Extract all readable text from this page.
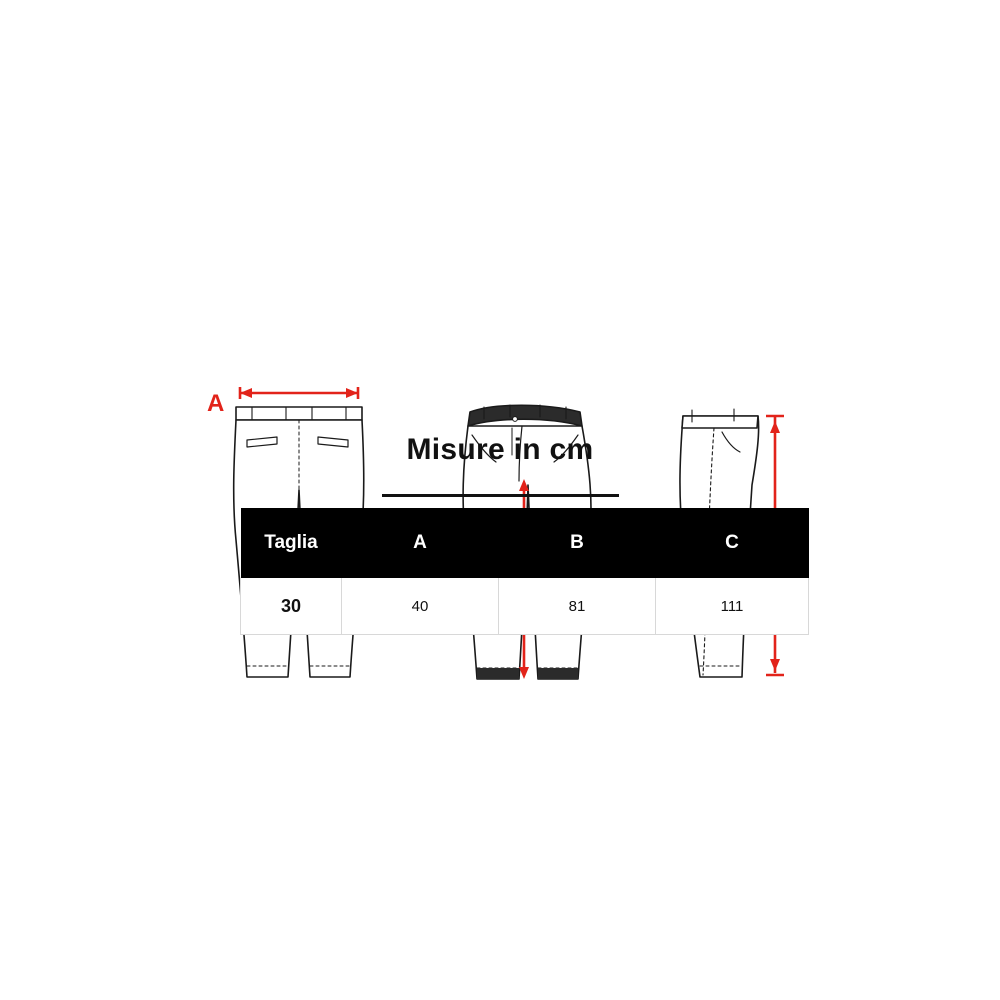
A

Misure in cm

Taglia	A	B	C
30	40	81	111
